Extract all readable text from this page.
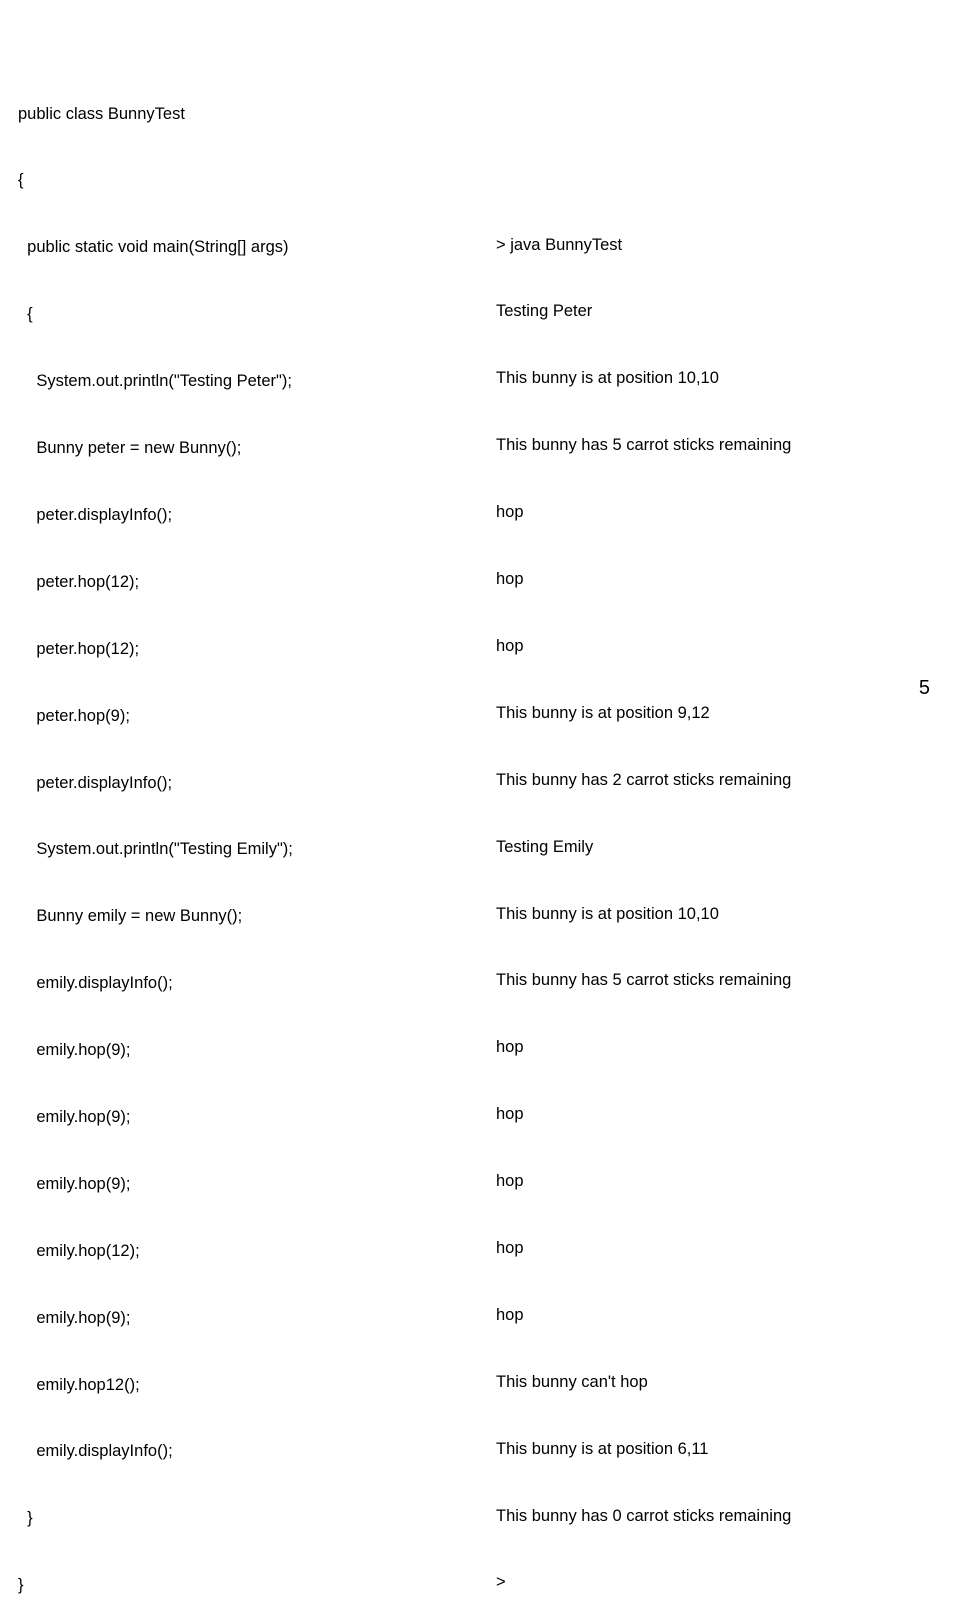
public class BunnyTest

{

public static void main(String[] args)

{

System.out.println("Testing Peter");

Bunny peter = new Bunny();

peter.displayInfo();

peter.hop(12);

peter.hop(12);

peter.hop(9);

peter.displayInfo();

System.out.println("Testing Emily");

Bunny emily = new Bunny();

emily.displayInfo();

emily.hop(9);

emily.hop(9);

emily.hop(9);

emily.hop(12);

emily.hop(9);

emily.hop12();

emily.displayInfo();

}

}

> java BunnyTest

Testing Peter

This bunny is at position 10,10

This bunny has 5 carrot sticks remaining

hop

hop

hop

This bunny is at position 9,12

This bunny has 2 carrot sticks remaining

Testing Emily

This bunny is at position 10,10

This bunny has 5 carrot sticks remaining

hop

hop

hop

hop

hop

This bunny can't hop

This bunny is at position 6,11

This bunny has 0 carrot sticks remaining

>

5
